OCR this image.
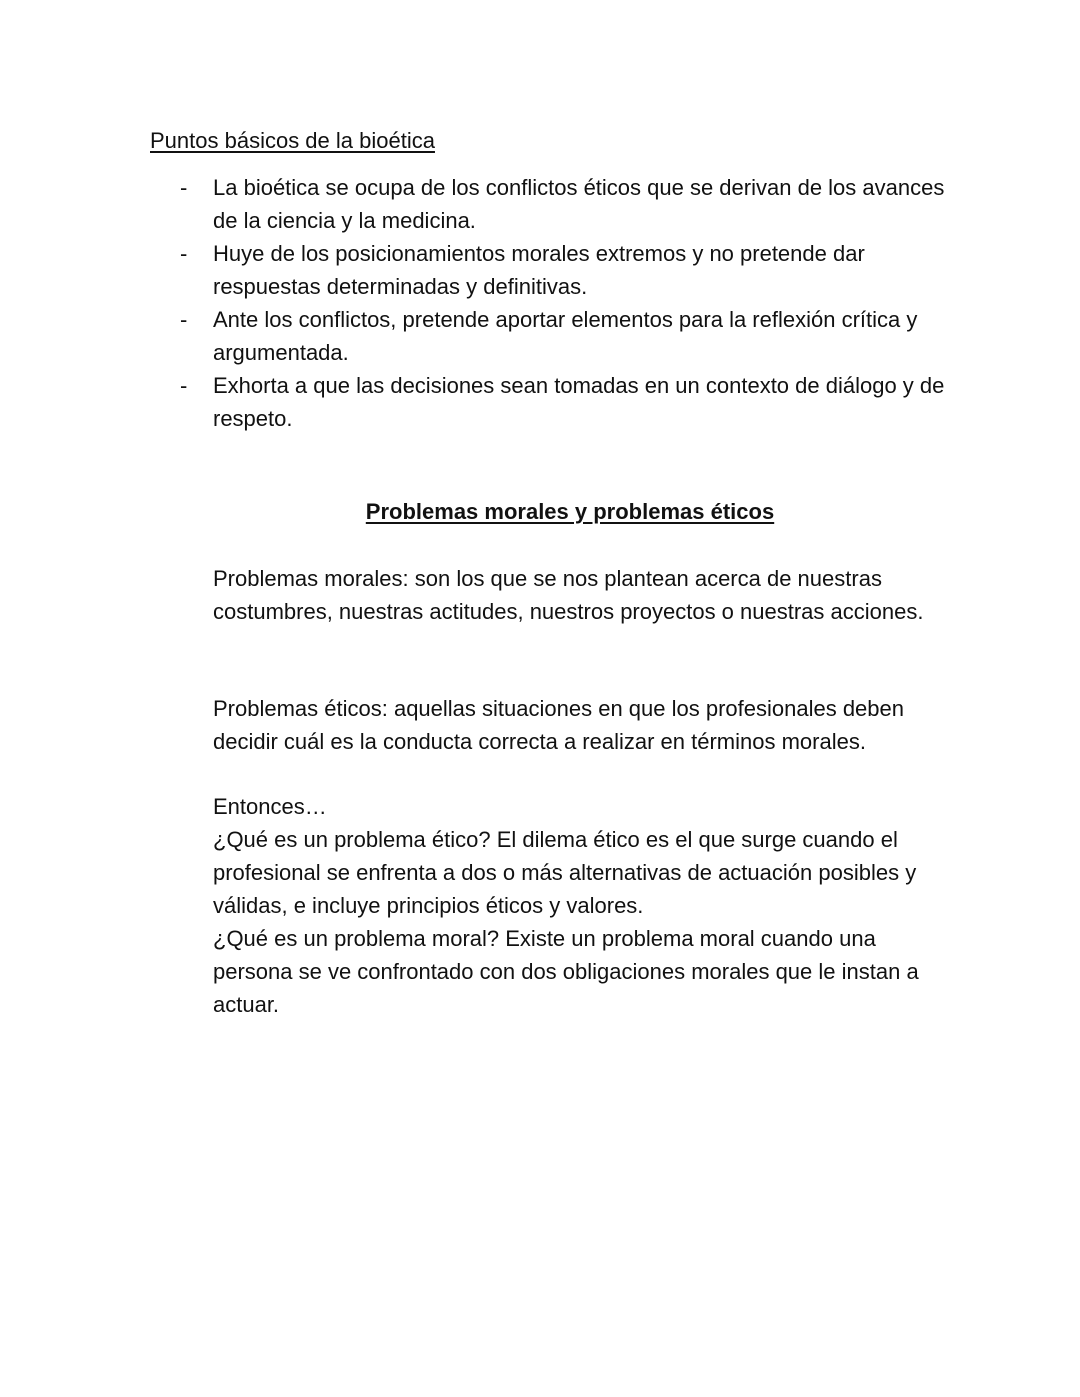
Puntos básicos de la bioética
- La bioética se ocupa de los conflictos éticos que se derivan de los avances de la ciencia y la medicina.
- Huye de los posicionamientos morales extremos y no pretende dar respuestas determinadas y definitivas.
- Ante los conflictos, pretende aportar elementos para la reflexión crítica y argumentada.
- Exhorta a que las decisiones sean tomadas en un contexto de diálogo y de respeto.
Problemas morales y problemas éticos

Problemas morales: son los que se nos plantean acerca de nuestras costumbres, nuestras actitudes, nuestros proyectos o nuestras acciones.

Problemas éticos: aquellas situaciones en que los profesionales deben decidir cuál es la conducta correcta a realizar en términos morales.

Entonces…
¿Qué es un problema ético? El dilema ético es el que surge cuando el profesional se enfrenta a dos o más alternativas de actuación posibles y válidas, e incluye principios éticos y valores.
¿Qué es un problema moral? Existe un problema moral cuando una persona se ve confrontado con dos obligaciones morales que le instan a actuar.
